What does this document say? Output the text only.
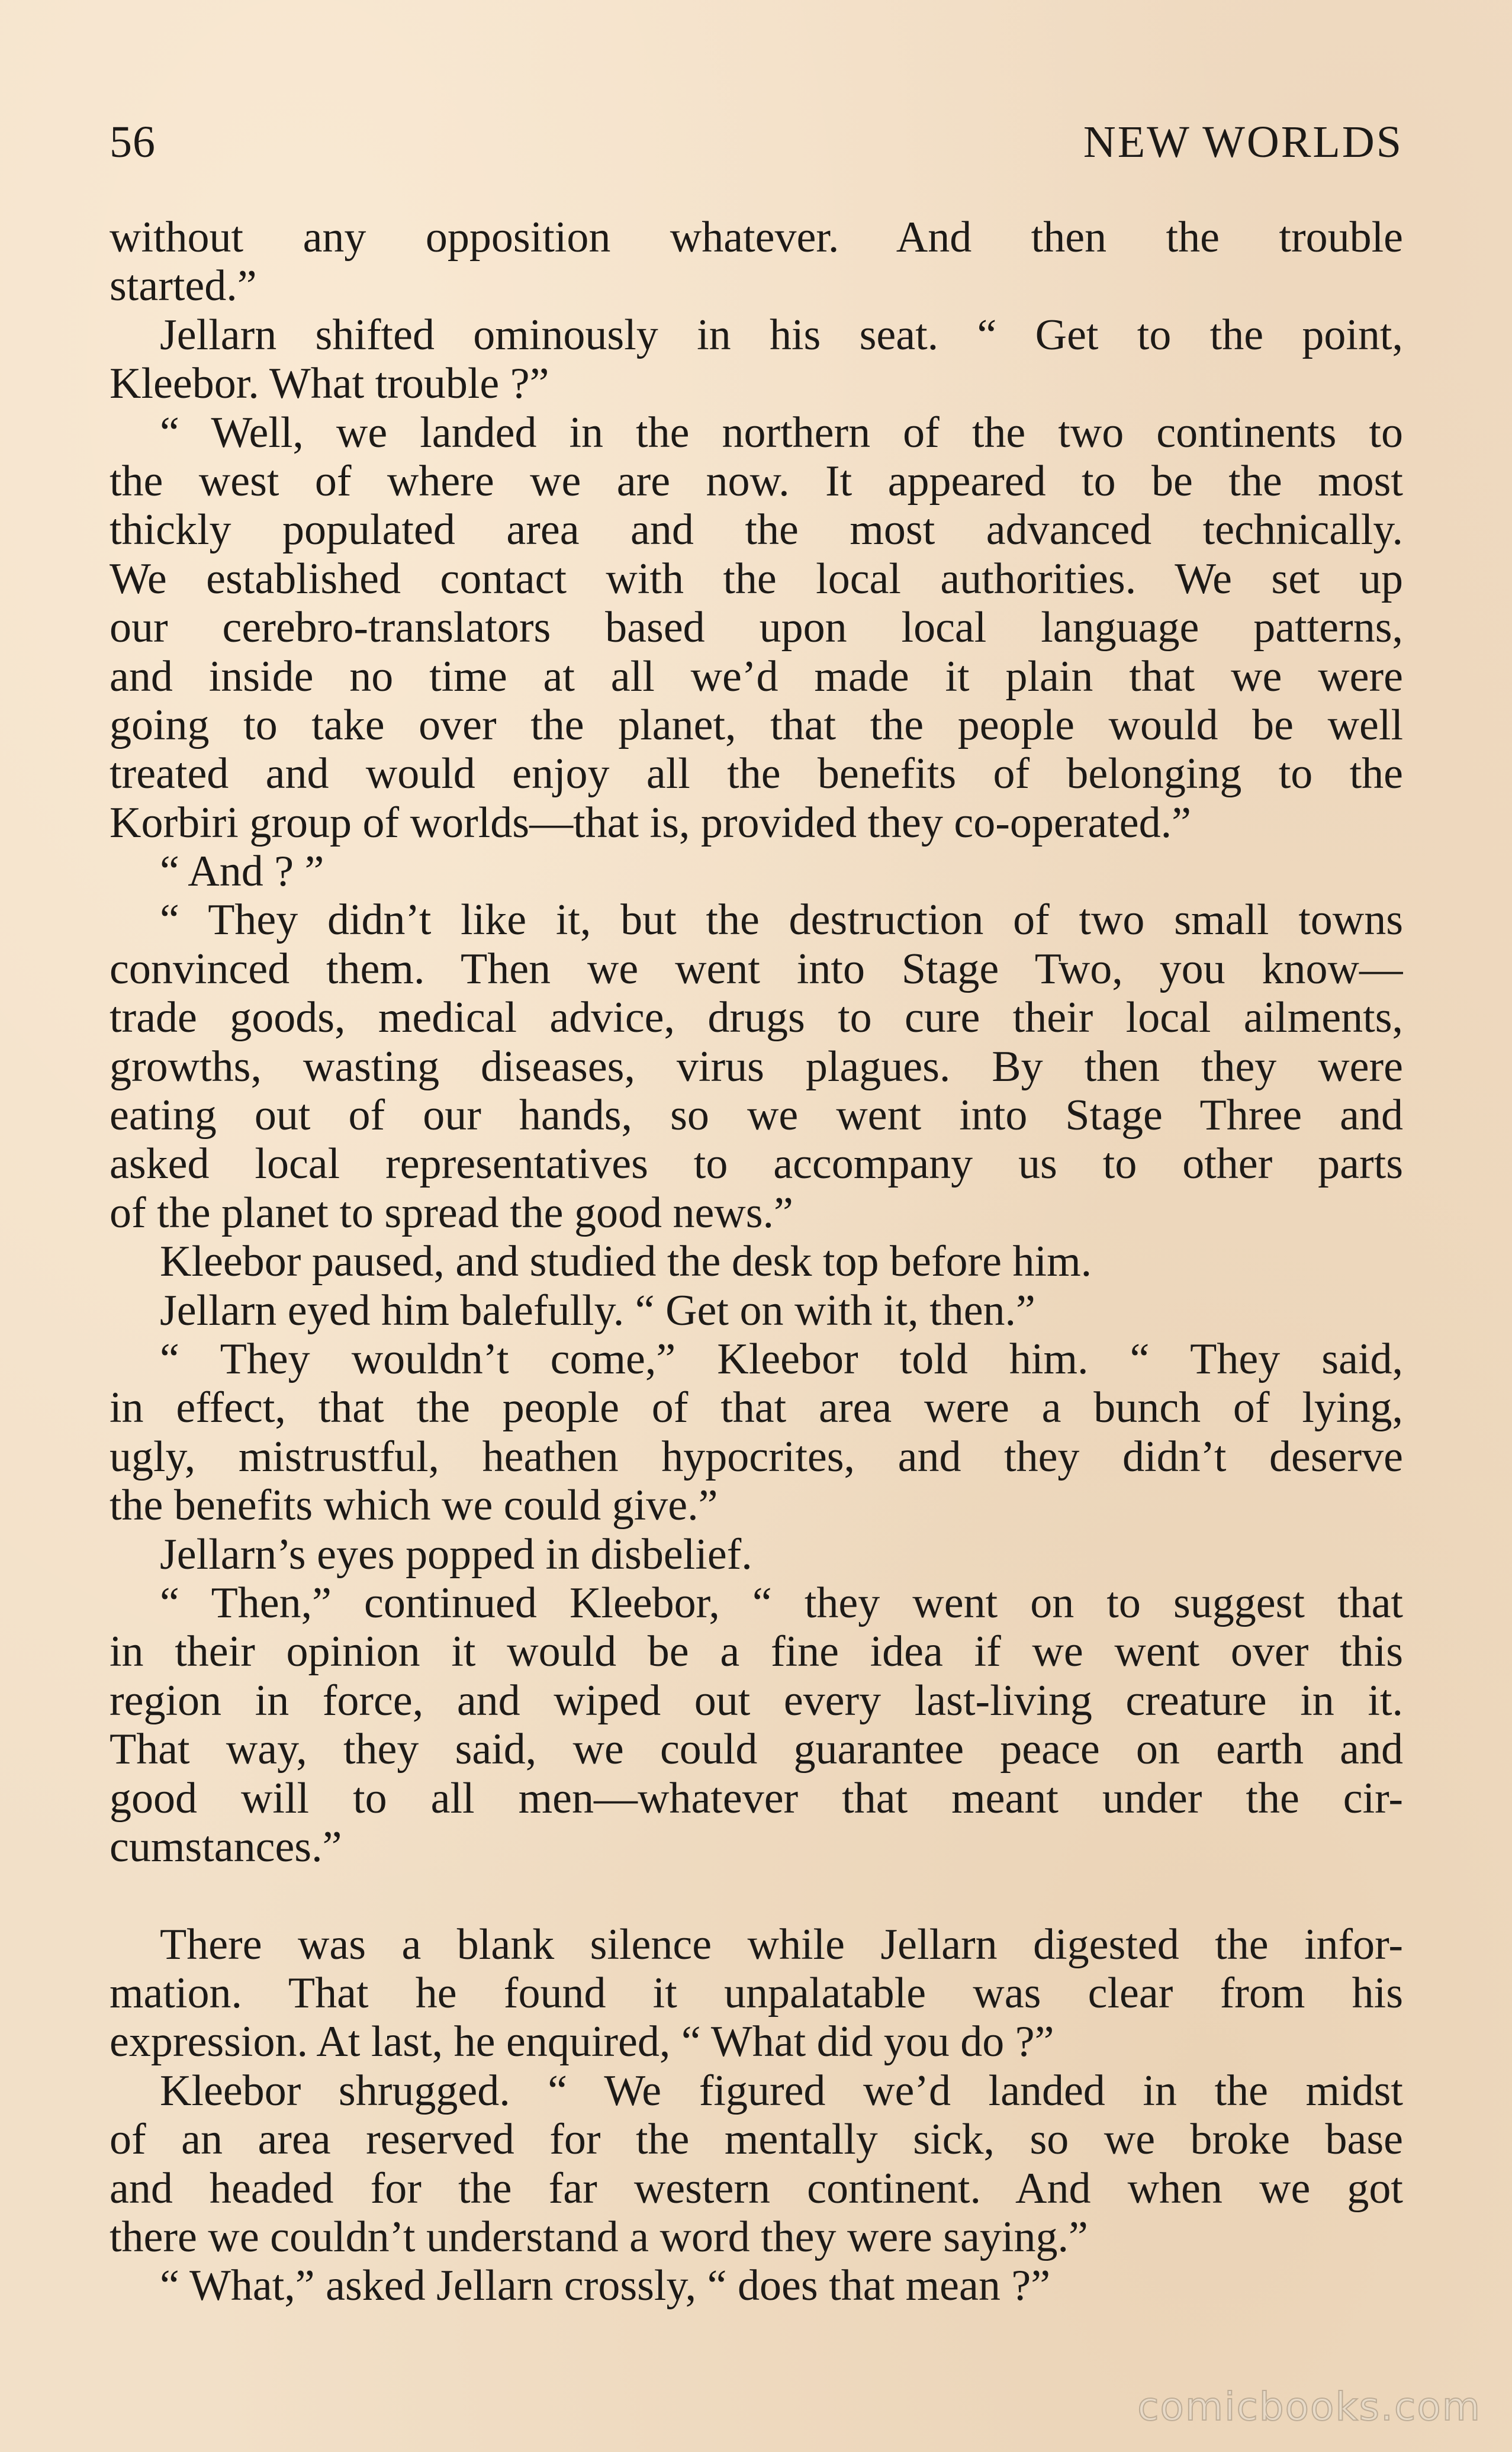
56	NEW WORLDS
without any opposition whatever. And then the trouble
started.”
Jellarn shifted ominously in his seat. “ Get to the point,
Kleebor. What trouble ?”
“ Well, we landed in the northern of the two continents to
the west of where we are now. It appeared to be the most
thickly populated area and the most advanced technically.
We established contact with the local authorities. We set up
our cerebro-translators based upon local language patterns,
and inside no time at all we’d made it plain that we were
going to take over the planet, that the people would be well
treated and would enjoy all the benefits of belonging to the
Korbiri group of worlds—that is, provided they co-operated.”
“ And ? ”
“ They didn’t like it, but the destruction of two small towns
convinced them. Then we went into Stage Two, you know—
trade goods, medical advice, drugs to cure their local ailments,
growths, wasting diseases, virus plagues. By then they were
eating out of our hands, so we went into Stage Three and
asked local representatives to accompany us to other parts
of the planet to spread the good news.”
Kleebor paused, and studied the desk top before him.
Jellarn eyed him balefully. “ Get on with it, then.”
“ They wouldn’t come,” Kleebor told him. “ They said,
in effect, that the people of that area were a bunch of lying,
ugly, mistrustful, heathen hypocrites, and they didn’t deserve
the benefits which we could give.”
Jellarn’s eyes popped in disbelief.
“ Then,” continued Kleebor, “ they went on to suggest that
in their opinion it would be a fine idea if we went over this
region in force, and wiped out every last-living creature in it.
That way, they said, we could guarantee peace on earth and
good will to all men—whatever that meant under the cir-
cumstances.”
There was a blank silence while Jellarn digested the infor-
mation. That he found it unpalatable was clear from his
expression. At last, he enquired, “ What did you do ?”
Kleebor shrugged. “ We figured we’d landed in the midst
of an area reserved for the mentally sick, so we broke base
and headed for the far western continent. And when we got
there we couldn’t understand a word they were saying.”
“ What,” asked Jellarn crossly, “ does that mean ?”
comicbooks.com
